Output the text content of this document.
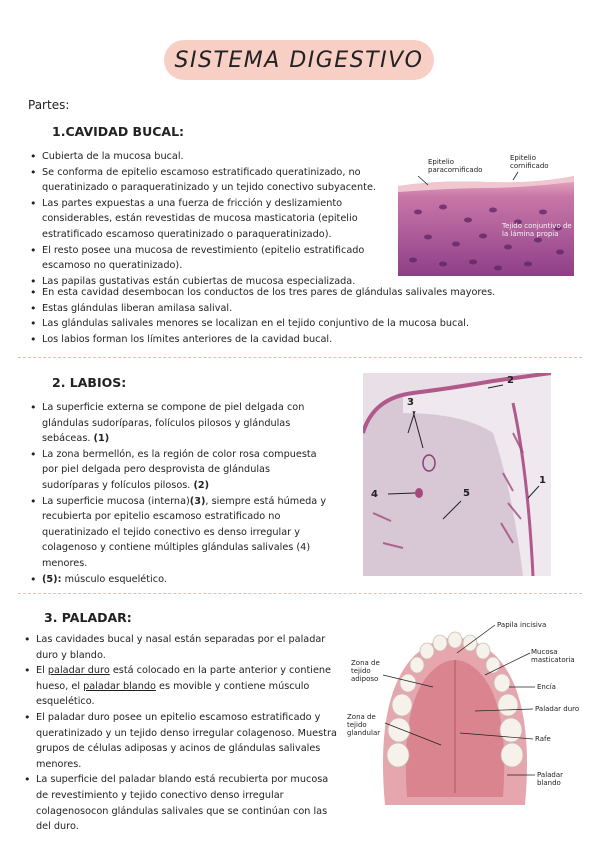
SISTEMA DIGESTIVO
Partes:
1.CAVIDAD BUCAL:
• Cubierta de la mucosa bucal.
• Se conforma de epitelio escamoso estratificado queratinizado, no queratinizado o paraqueratinizado y un tejido conectivo subyacente.
• Las partes expuestas a una fuerza de fricción y deslizamiento considerables, están revestidas de mucosa masticatoria (epitelio estratificado escamoso queratinizado o paraqueratinizado).
• El resto posee una mucosa de revestimiento (epitelio estratificado escamoso no queratinizado).
• Las papilas gustativas están cubiertas de mucosa especializada.
• En esta cavidad desembocan los conductos de los tres pares de glándulas salivales mayores.
• Estas glándulas liberan amilasa salival.
• Las glándulas salivales menores se localizan en el tejido conjuntivo de la mucosa bucal.
• Los labios forman los límites anteriores de la cavidad bucal.
Epitelio paracornificado
Epitelio cornificado
Tejido conjuntivo de la lámina propia
2. LABIOS:
• La superficie externa se compone de piel delgada con glándulas sudoríparas, folículos pilosos y glándulas sebáceas. (1)
• La zona bermellón, es la región de color rosa compuesta por piel delgada pero desprovista de glándulas sudoríparas y folículos pilosos. (2)
• La superficie mucosa (interna)(3), siempre está húmeda y recubierta por epitelio escamoso estratificado no queratinizado el tejido conectivo es denso irregular y colagenoso y contiene múltiples glándulas salivales (4) menores.
• (5): músculo esquelético.
2
3
4	5
1
3. PALADAR:
• Las cavidades bucal y nasal están separadas por el paladar duro y blando.
• El paladar duro está colocado en la parte anterior y contiene hueso, el paladar blando es movible y contiene músculo esquelético.
• El paladar duro posee un epitelio escamoso estratificado y queratinizado y un tejido denso irregular colagenoso. Muestra grupos de células adiposas y acinos de glándulas salivales menores.
• La superficie del paladar blando está recubierta por mucosa de revestimiento y tejido conectivo denso irregular colagenosocon glándulas salivales que se continúan con las del duro.
Papila incisiva
Mucosa masticatoria
Encía
Paladar duro
Rafe
Paladar blando
Zona de tejido adiposo
Zona de tejido glandular
